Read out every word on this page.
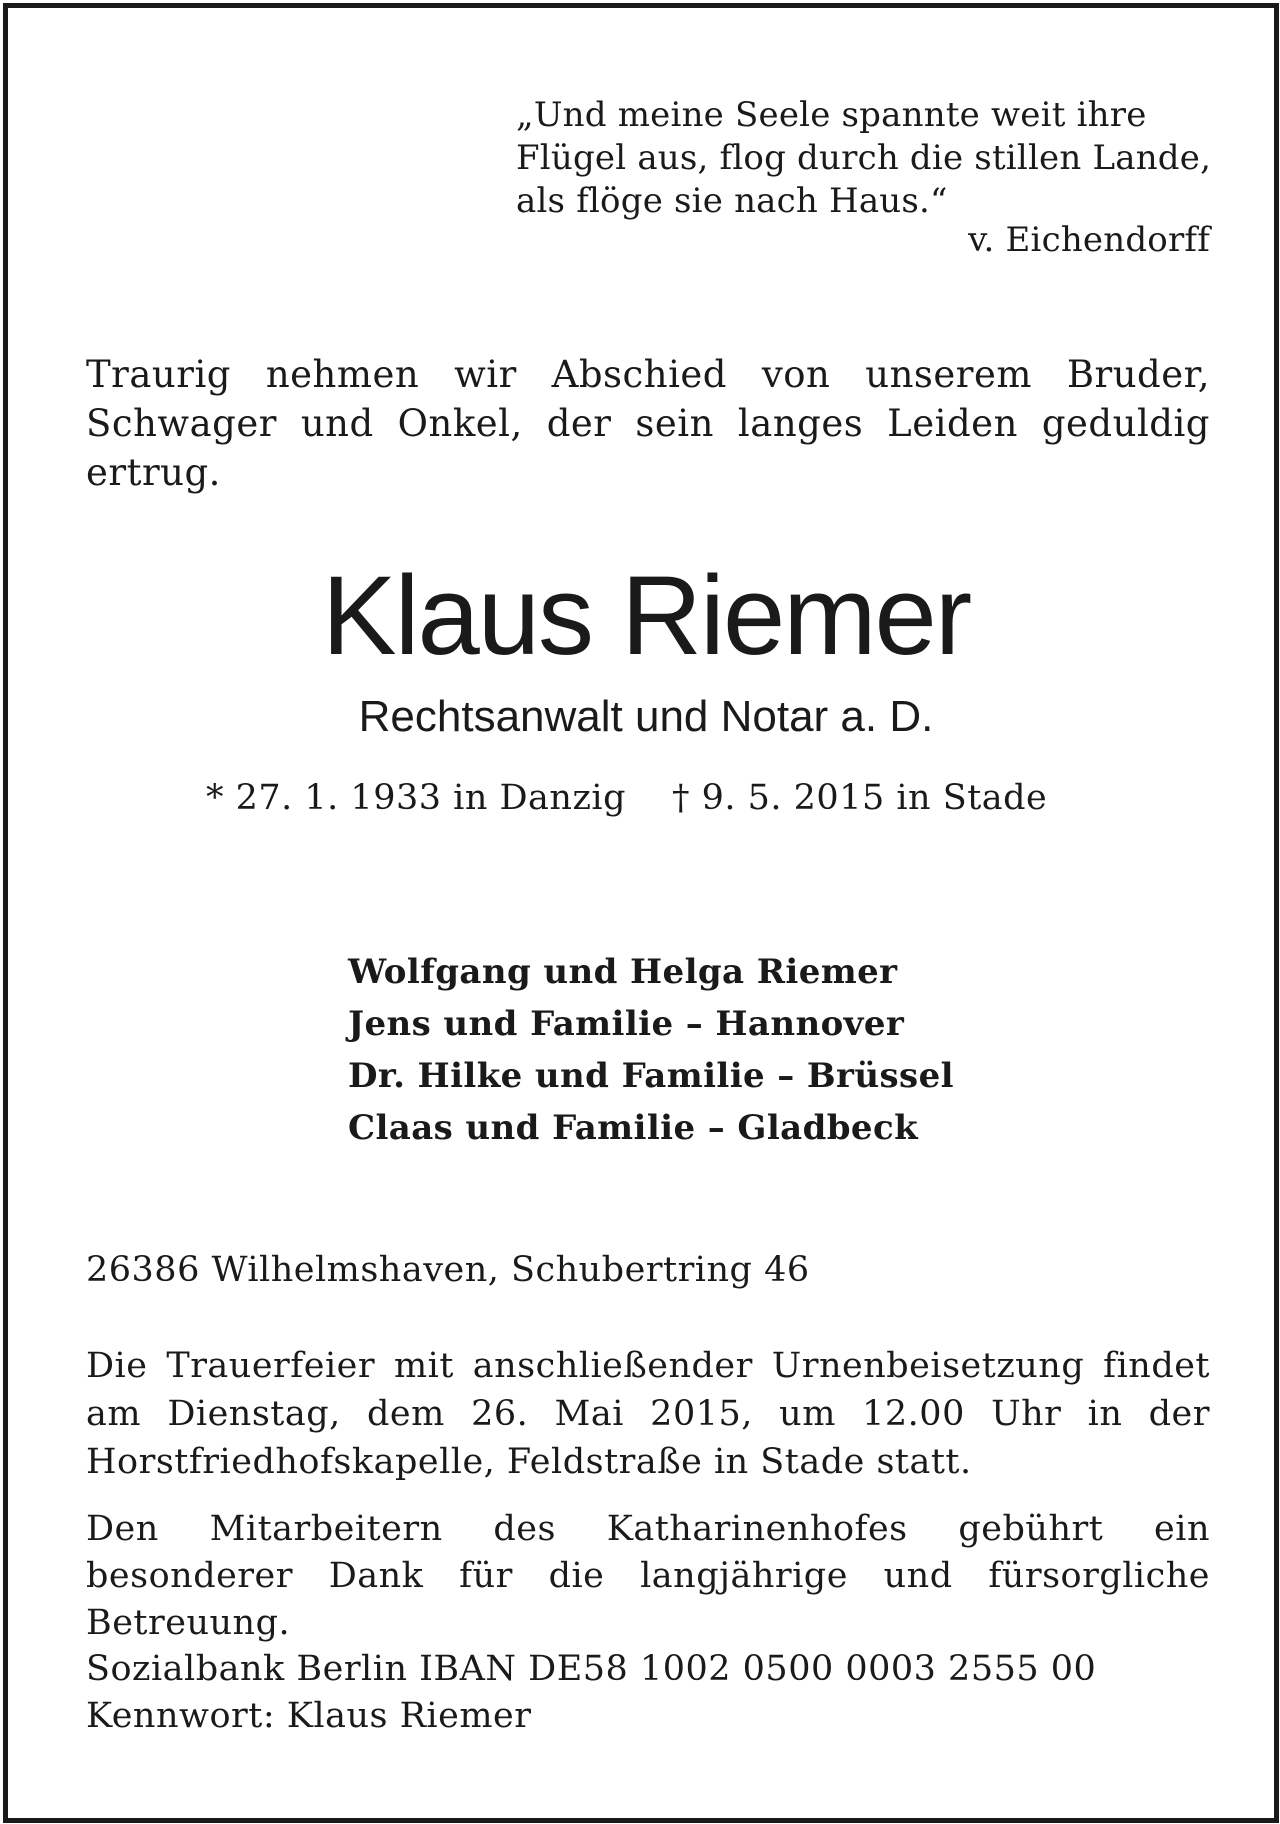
„Und meine Seele spannte weit ihre
Flügel aus, flog durch die stillen Lande,
als flöge sie nach Haus.“
v. Eichendorff
Traurig nehmen wir Abschied von unserem Bruder, Schwager und Onkel, der sein langes Leiden geduldig ertrug.
Klaus Riemer
Rechtsanwalt und Notar a. D.
* 27. 1. 1933 in Danzig † 9. 5. 2015 in Stade
Wolfgang und Helga Riemer
Jens und Familie – Hannover
Dr. Hilke und Familie – Brüssel
Claas und Familie – Gladbeck
26386 Wilhelmshaven, Schubertring 46
Die Trauerfeier mit anschließender Urnenbeisetzung findet am Dienstag, dem 26. Mai 2015, um 12.00 Uhr in der Horstfriedhofskapelle, Feldstraße in Stade statt.
Den Mitarbeitern des Katharinenhofes gebührt ein besonderer Dank für die langjährige und fürsorgliche Betreuung.
Sozialbank Berlin IBAN DE58 1002 0500 0003 2555 00
Kennwort: Klaus Riemer
